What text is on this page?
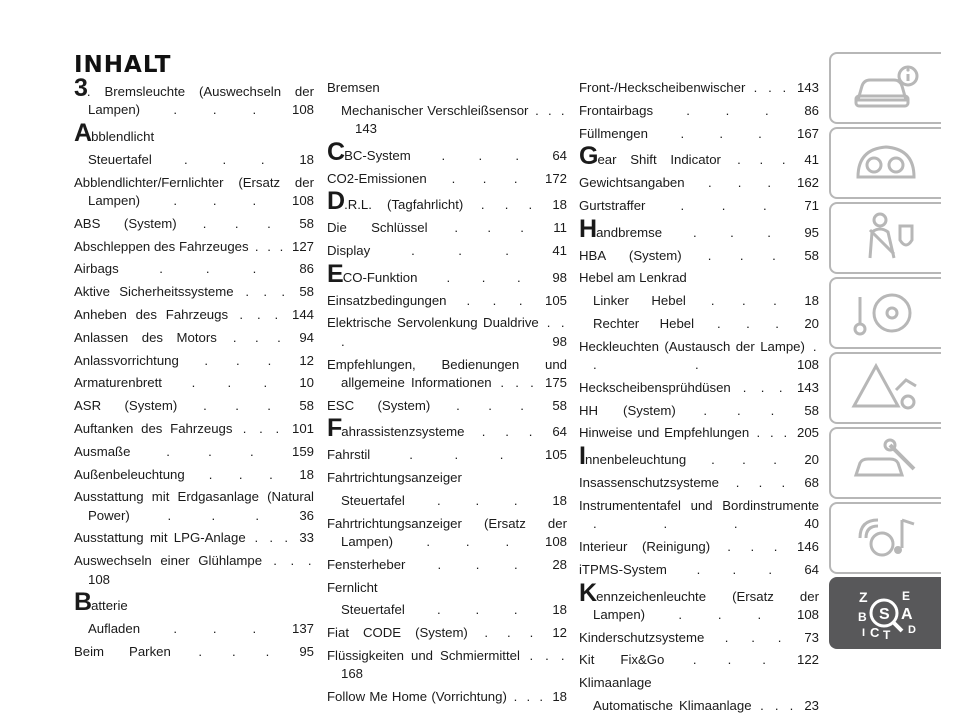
INHALT
3. Bremsleuchte (Auswechseln der Lampen) . . . 108
Abblendlicht
Steuertafel . . . 18
Abblendlichter/Fernlichter (Ersatz der Lampen) . . . 108
ABS (System) . . . 58
Abschleppen des Fahrzeuges . . . 127
Airbags . . . 86
Aktive Sicherheitssysteme . . . 58
Anheben des Fahrzeugs . . . 144
Anlassen des Motors . . . 94
Anlassvorrichtung . . . 12
Armaturenbrett . . . 10
ASR (System) . . . 58
Auftanken des Fahrzeugs . . . 101
Ausmaße . . . 159
Außenbeleuchtung . . . 18
Ausstattung mit Erdgasanlage (Natural Power) . . . 36
Ausstattung mit LPG-Anlage . . . 33
Auswechseln einer Glühlampe . . . 108
Batterie
Aufladen . . . 137
Beim Parken . . . 95
Bremsen
Mechanischer Verschleißsensor . . . 143
CBC-System . . . 64
CO2-Emissionen . . . 172
D.R.L. (Tagfahrlicht) . . . 18
Die Schlüssel . . . 11
Display . . . 41
ECO-Funktion . . . 98
Einsatzbedingungen . . . 105
Elektrische Servolenkung Dualdrive . . . 98
Empfehlungen, Bedienungen und allgemeine Informationen . . . 175
ESC (System) . . . 58
Fahrassistenzsysteme . . . 64
Fahrstil . . . 105
Fahrtrichtungsanzeiger
Steuertafel . . . 18
Fahrtrichtungsanzeiger (Ersatz der Lampen) . . . 108
Fensterheber . . . 28
Fernlicht
Steuertafel . . . 18
Fiat CODE (System) . . . 12
Flüssigkeiten und Schmiermittel . . . 168
Follow Me Home (Vorrichtung) . . . 18
Front-/Heckscheibenwischer . . . 143
Frontairbags . . . 86
Füllmengen . . . 167
Gear Shift Indicator . . . 41
Gewichtsangaben . . . 162
Gurtstraffer . . . 71
Handbremse . . . 95
HBA (System) . . . 58
Hebel am Lenkrad
Linker Hebel . . . 18
Rechter Hebel . . . 20
Heckleuchten (Austausch der Lampe) . . . 108
Heckscheibensprühdüsen . . . 143
HH (System) . . . 58
Hinweise und Empfehlungen . . . 205
Innenbeleuchtung . . . 20
Insassenschutzsysteme . . . 68
Instrumententafel und Bordinstrumente . . . 40
Interieur (Reinigung) . . . 146
iTPMS-System . . . 64
Kennzeichenleuchte (Ersatz der Lampen) . . . 108
Kinderschutzsysteme . . . 73
Kit Fix&Go . . . 122
Klimaanlage
Automatische Klimaanlage . . . 23
Z	E
B A
C T D
I
S
